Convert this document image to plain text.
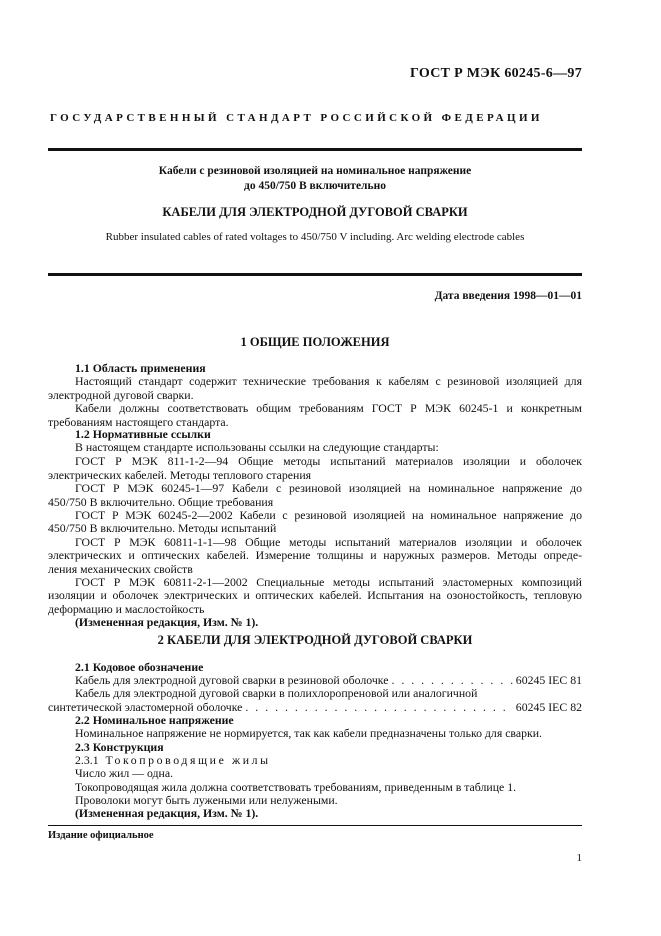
ГОСТ Р МЭК 60245-6—97
ГОСУДАРСТВЕННЫЙ СТАНДАРТ РОССИЙСКОЙ ФЕДЕРАЦИИ
Кабели с резиновой изоляцией на номинальное напряжение
до 450/750 В включительно
КАБЕЛИ ДЛЯ ЭЛЕКТРОДНОЙ ДУГОВОЙ СВАРКИ
Rubber insulated cables of rated voltages to 450/750 V including. Arc welding electrode cables
Дата введения 1998—01—01
1 ОБЩИЕ ПОЛОЖЕНИЯ
1.1 Область применения
Настоящий стандарт содержит технические требования к кабелям с резиновой изоляцией для
электродной дуговой сварки.
Кабели должны соответствовать общим требованиям ГОСТ Р МЭК 60245-1 и конкретным
требованиям настоящего стандарта.
1.2 Нормативные ссылки
В настоящем стандарте использованы ссылки на следующие стандарты:
ГОСТ Р МЭК 811-1-2—94 Общие методы испытаний материалов изоляции и оболочек
электрических кабелей. Методы теплового старения
ГОСТ Р МЭК 60245-1—97 Кабели с резиновой изоляцией на номинальное напряжение до
450/750 В включительно. Общие требования
ГОСТ Р МЭК 60245-2—2002 Кабели с резиновой изоляцией на номинальное напряжение до
450/750 В включительно. Методы испытаний
ГОСТ Р МЭК 60811-1-1—98 Общие методы испытаний материалов изоляции и оболочек
электрических и оптических кабелей. Измерение толщины и наружных размеров. Методы опреде-
ления механических свойств
ГОСТ Р МЭК 60811-2-1—2002 Специальные методы испытаний эластомерных композиций
изоляции и оболочек электрических и оптических кабелей. Испытания на озоностойкость, тепловую
деформацию и маслостойкость
(Измененная редакция, Изм. № 1).
2 КАБЕЛИ ДЛЯ ЭЛЕКТРОДНОЙ ДУГОВОЙ СВАРКИ
2.1 Кодовое обозначение
Кабель для электродной дуговой сварки в резиновой оболочке . . .	60245 IEC 81
Кабель для электродной дуговой сварки в полихлоропреновой или аналогичной
синтетической эластомерной оболочке . . .	60245 IEC 82
2.2 Номинальное напряжение
Номинальное напряжение не нормируется, так как кабели предназначены только для сварки.
2.3 Конструкция
2.3.1 Токопроводящие жилы
Число жил — одна.
Токопроводящая жила должна соответствовать требованиям, приведенным в таблице 1.
Проволоки могут быть лужеными или нелужеными.
(Измененная редакция, Изм. № 1).
Издание официальное
1
